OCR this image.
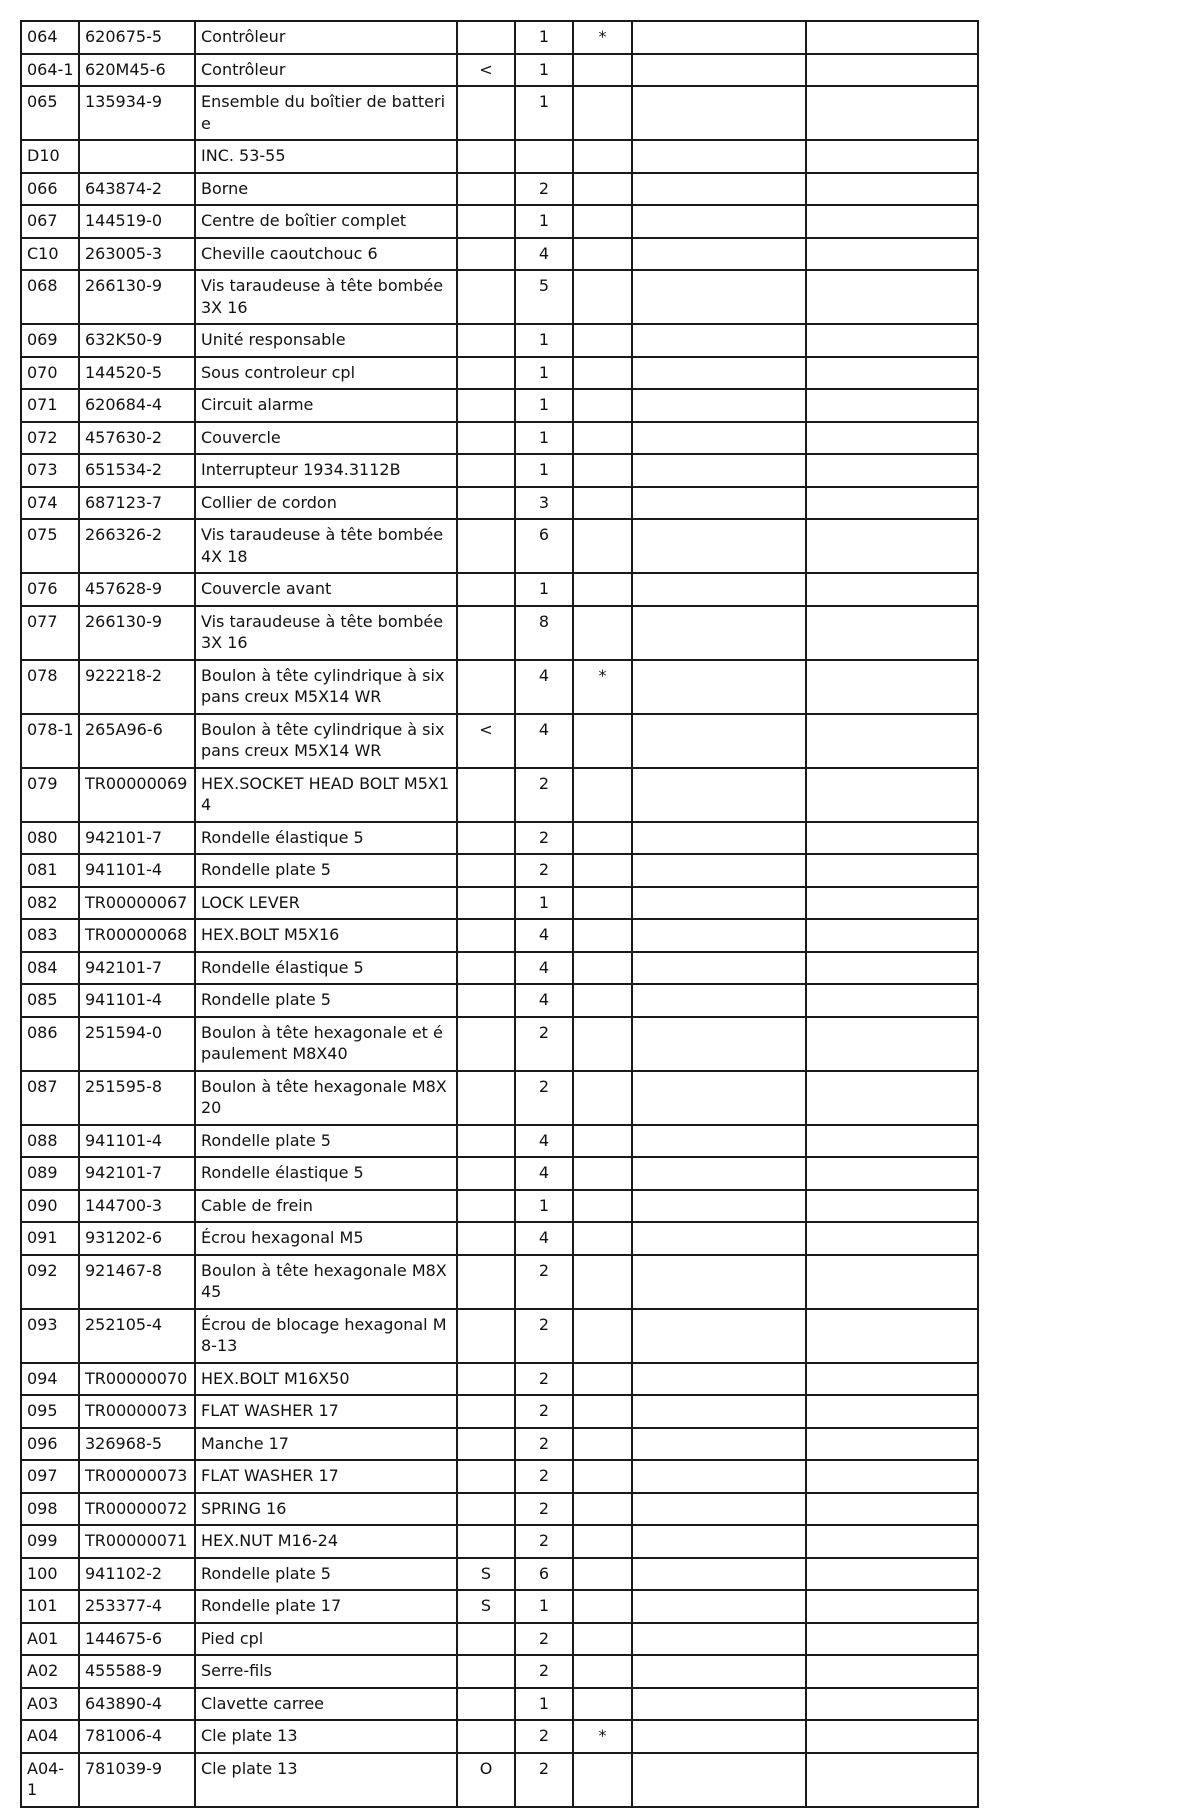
064	620675-5	Contrôleur		1	*		
064-1	620M45-6	Contrôleur	<	1			
065	135934-9	Ensemble du boîtier de batterie		1			
D10		INC. 53-55					
066	643874-2	Borne		2			
067	144519-0	Centre de boîtier complet		1			
C10	263005-3	Cheville caoutchouc 6		4			
068	266130-9	Vis taraudeuse à tête bombée 3X 16		5			
069	632K50-9	Unité responsable		1			
070	144520-5	Sous controleur cpl		1			
071	620684-4	Circuit alarme		1			
072	457630-2	Couvercle		1			
073	651534-2	Interrupteur 1934.3112B		1			
074	687123-7	Collier de cordon		3			
075	266326-2	Vis taraudeuse à tête bombée 4X 18		6			
076	457628-9	Couvercle avant		1			
077	266130-9	Vis taraudeuse à tête bombée 3X 16		8			
078	922218-2	Boulon à tête cylindrique à six pans creux M5X14 WR		4	*		
078-1	265A96-6	Boulon à tête cylindrique à six pans creux M5X14 WR	<	4			
079	TR00000069	HEX.SOCKET HEAD BOLT M5X14		2			
080	942101-7	Rondelle élastique 5		2			
081	941101-4	Rondelle plate 5		2			
082	TR00000067	LOCK LEVER		1			
083	TR00000068	HEX.BOLT M5X16		4			
084	942101-7	Rondelle élastique 5		4			
085	941101-4	Rondelle plate 5		4			
086	251594-0	Boulon à tête hexagonale et épaulement M8X40		2			
087	251595-8	Boulon à tête hexagonale M8X20		2			
088	941101-4	Rondelle plate 5		4			
089	942101-7	Rondelle élastique 5		4			
090	144700-3	Cable de frein		1			
091	931202-6	Écrou hexagonal M5		4			
092	921467-8	Boulon à tête hexagonale M8X45		2			
093	252105-4	Écrou de blocage hexagonal M8-13		2			
094	TR00000070	HEX.BOLT M16X50		2			
095	TR00000073	FLAT WASHER 17		2			
096	326968-5	Manche 17		2			
097	TR00000073	FLAT WASHER 17		2			
098	TR00000072	SPRING 16		2			
099	TR00000071	HEX.NUT M16-24		2			
100	941102-2	Rondelle plate 5	S	6			
101	253377-4	Rondelle plate 17	S	1			
A01	144675-6	Pied cpl		2			
A02	455588-9	Serre-fils		2			
A03	643890-4	Clavette carree		1			
A04	781006-4	Cle plate 13		2	*		
A04-1	781039-9	Cle plate 13	O	2			
